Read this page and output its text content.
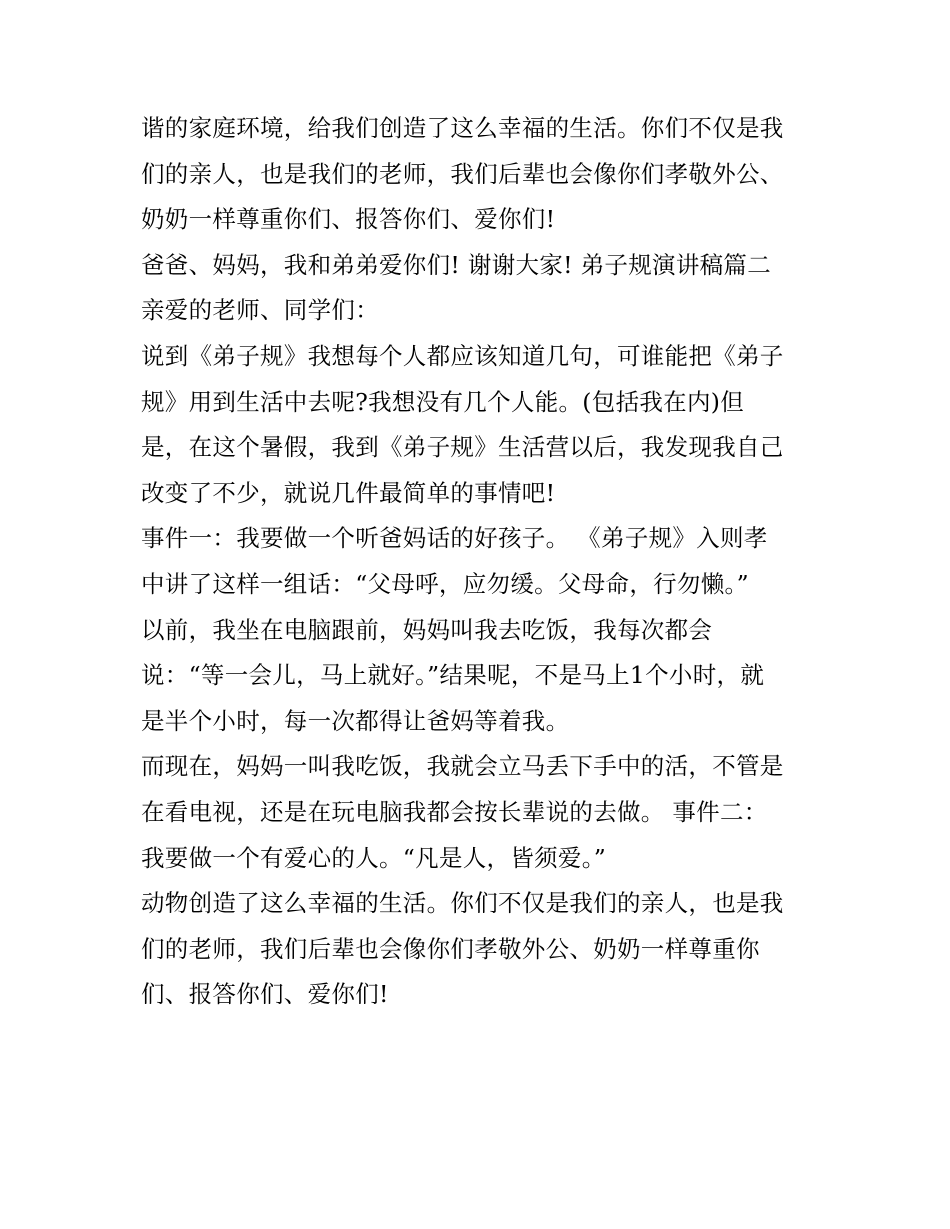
谐的家庭环境，给我们创造了这么幸福的生活。你们不仅是我
们的亲人，也是我们的老师，我们后辈也会像你们孝敬外公、
奶奶一样尊重你们、报答你们、爱你们!
爸爸、妈妈，我和弟弟爱你们! 谢谢大家! 弟子规演讲稿篇二
亲爱的老师、同学们：
说到《弟子规》我想每个人都应该知道几句，可谁能把《弟子
规》用到生活中去呢?我想没有几个人能。(包括我在内)但
是，在这个暑假，我到《弟子规》生活营以后，我发现我自己
改变了不少，就说几件最简单的事情吧!
事件一：我要做一个听爸妈话的好孩子。 《弟子规》入则孝
中讲了这样一组话：“父母呼，应勿缓。父母命，行勿懒。”
以前，我坐在电脑跟前，妈妈叫我去吃饭，我每次都会
说：“等一会儿，马上就好。”结果呢，不是马上1个小时，就
是半个小时，每一次都得让爸妈等着我。
而现在，妈妈一叫我吃饭，我就会立马丢下手中的活，不管是
在看电视，还是在玩电脑我都会按长辈说的去做。 事件二：
我要做一个有爱心的人。“凡是人，皆须爱。”
动物创造了这么幸福的生活。你们不仅是我们的亲人，也是我
们的老师，我们后辈也会像你们孝敬外公、奶奶一样尊重你
们、报答你们、爱你们!
